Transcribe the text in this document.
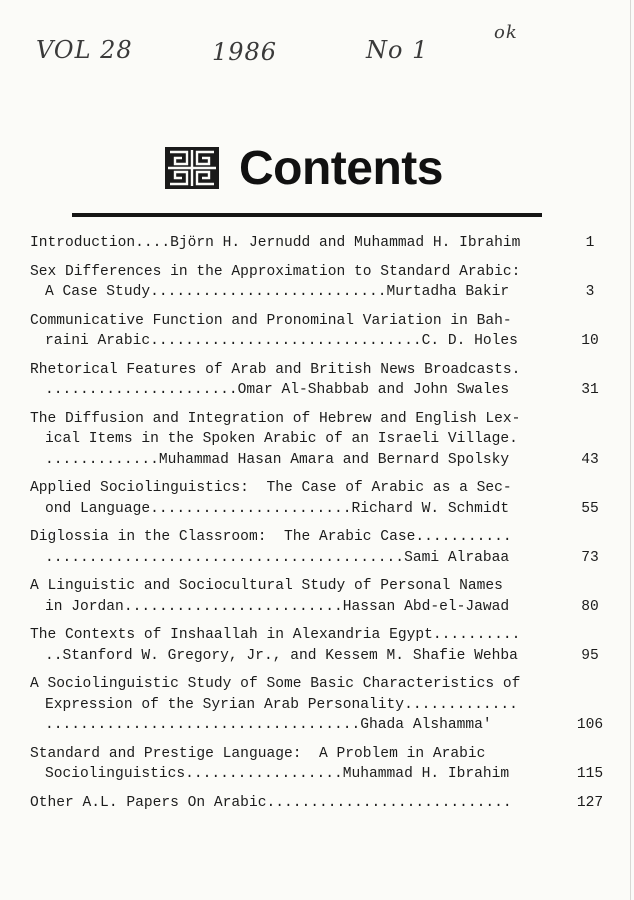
VOL 28	1986	No 1
ok
Contents
Introduction....Björn H. Jernudd and Muhammad H. Ibrahim	1
Sex Differences in the Approximation to Standard Arabic:
A Case Study...........................Murtadha Bakir	3
Communicative Function and Pronominal Variation in Bah-
raini Arabic...............................C. D. Holes	10
Rhetorical Features of Arab and British News Broadcasts.
......................Omar Al-Shabbab and John Swales	31
The Diffusion and Integration of Hebrew and English Lex-
ical Items in the Spoken Arabic of an Israeli Village.
.............Muhammad Hasan Amara and Bernard Spolsky	43
Applied Sociolinguistics:  The Case of Arabic as a Sec-
ond Language.......................Richard W. Schmidt	55
Diglossia in the Classroom:  The Arabic Case...........
.........................................Sami Alrabaa	73
A Linguistic and Sociocultural Study of Personal Names
in Jordan.........................Hassan Abd-el-Jawad	80
The Contexts of Inshaallah in Alexandria Egypt..........
..Stanford W. Gregory, Jr., and Kessem M. Shafie Wehba	95
A Sociolinguistic Study of Some Basic Characteristics of
Expression of the Syrian Arab Personality.............
....................................Ghada Alshamma'	106
Standard and Prestige Language:  A Problem in Arabic
Sociolinguistics..................Muhammad H. Ibrahim	115
Other A.L. Papers On Arabic............................	127
